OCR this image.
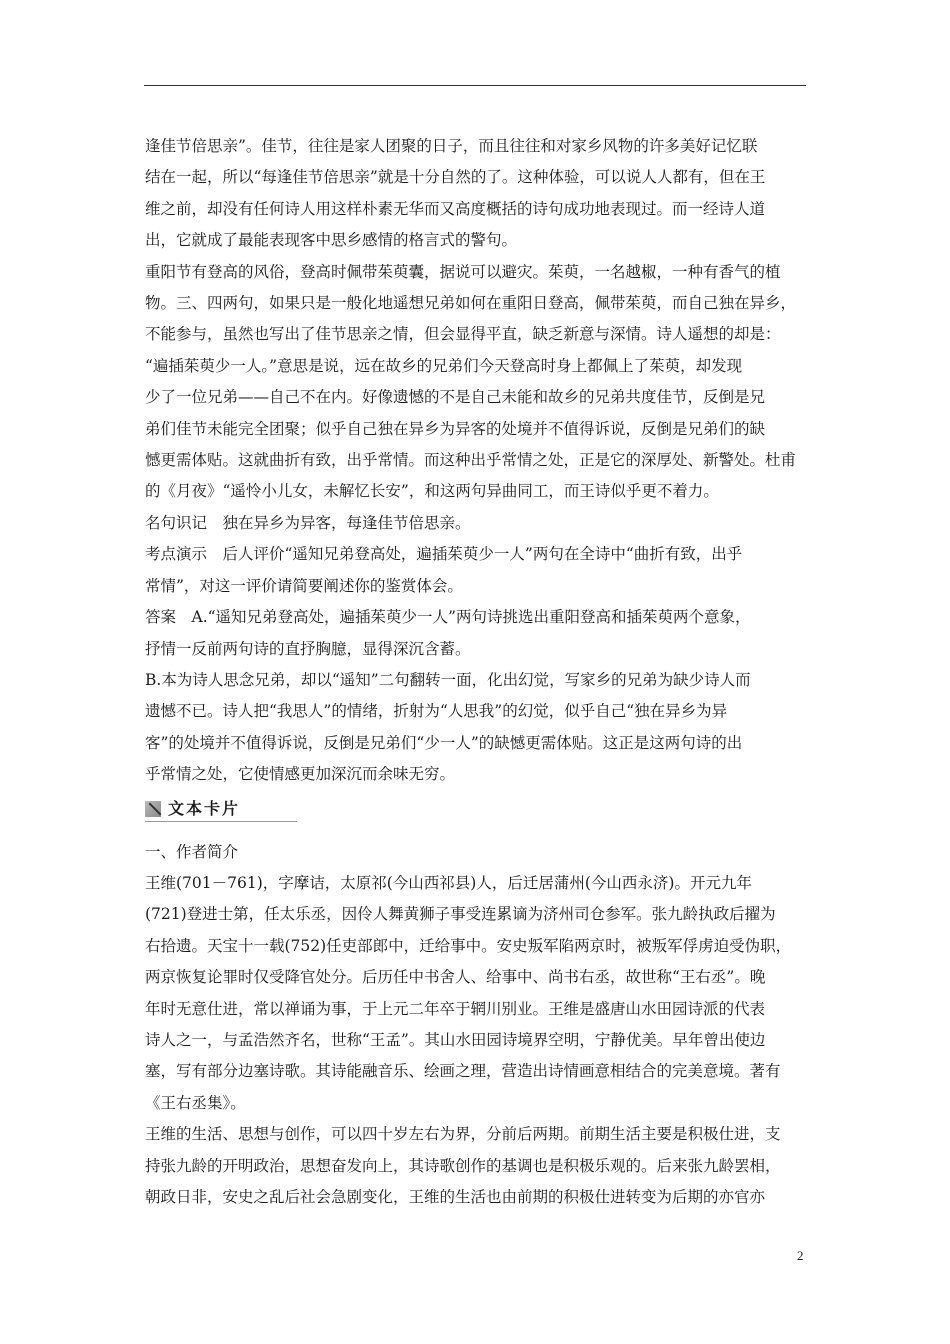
逢佳节倍思亲”。佳节，往往是家人团聚的日子，而且往往和对家乡风物的许多美好记忆联

结在一起，所以“每逢佳节倍思亲”就是十分自然的了。这种体验，可以说人人都有，但在王

维之前，却没有任何诗人用这样朴素无华而又高度概括的诗句成功地表现过。而一经诗人道

出，它就成了最能表现客中思乡感情的格言式的警句。

重阳节有登高的风俗，登高时佩带茱萸囊，据说可以避灾。茱萸，一名越椒，一种有香气的植

物。三、四两句，如果只是一般化地遥想兄弟如何在重阳日登高，佩带茱萸，而自己独在异乡，

不能参与，虽然也写出了佳节思亲之情，但会显得平直，缺乏新意与深情。诗人遥想的却是：

“遍插茱萸少一人。”意思是说，远在故乡的兄弟们今天登高时身上都佩上了茱萸，却发现

少了一位兄弟——自己不在内。好像遗憾的不是自己未能和故乡的兄弟共度佳节，反倒是兄

弟们佳节未能完全团聚；似乎自己独在异乡为异客的处境并不值得诉说，反倒是兄弟们的缺

憾更需体贴。这就曲折有致，出乎常情。而这种出乎常情之处，正是它的深厚处、新警处。杜甫

的《月夜》“遥怜小儿女，未解忆长安”，和这两句异曲同工，而王诗似乎更不着力。

名句识记　独在异乡为异客，每逢佳节倍思亲。

考点演示　后人评价“遥知兄弟登高处，遍插茱萸少一人”两句在全诗中“曲折有致，出乎

常情”，对这一评价请简要阐述你的鉴赏体会。

答案　A.“遥知兄弟登高处，遍插茱萸少一人”两句诗挑选出重阳登高和插茱萸两个意象，

抒情一反前两句诗的直抒胸臆，显得深沉含蓄。

B.本为诗人思念兄弟，却以“遥知”二句翻转一面，化出幻觉，写家乡的兄弟为缺少诗人而

遗憾不已。诗人把“我思人”的情绪，折射为“人思我”的幻觉，似乎自己“独在异乡为异

客”的处境并不值得诉说，反倒是兄弟们“少一人”的缺憾更需体贴。这正是这两句诗的出

乎常情之处，它使情感更加深沉而余味无穷。

文本卡片

一、作者简介

王维(701－761)，字摩诘，太原祁(今山西祁县)人，后迁居蒲州(今山西永济)。开元九年

(721)登进士第，任太乐丞，因伶人舞黄狮子事受连累谪为济州司仓参军。张九龄执政后擢为

右拾遗。天宝十一载(752)任吏部郎中，迁给事中。安史叛军陷两京时，被叛军俘虏迫受伪职，

两京恢复论罪时仅受降官处分。后历任中书舍人、给事中、尚书右丞，故世称“王右丞”。晚

年时无意仕进，常以禅诵为事，于上元二年卒于辋川别业。王维是盛唐山水田园诗派的代表

诗人之一，与孟浩然齐名，世称“王孟”。其山水田园诗境界空明，宁静优美。早年曾出使边

塞，写有部分边塞诗歌。其诗能融音乐、绘画之理，营造出诗情画意相结合的完美意境。著有

《王右丞集》。

王维的生活、思想与创作，可以四十岁左右为界，分前后两期。前期生活主要是积极仕进，支

持张九龄的开明政治，思想奋发向上，其诗歌创作的基调也是积极乐观的。后来张九龄罢相，

朝政日非，安史之乱后社会急剧变化，王维的生活也由前期的积极仕进转变为后期的亦官亦

2
